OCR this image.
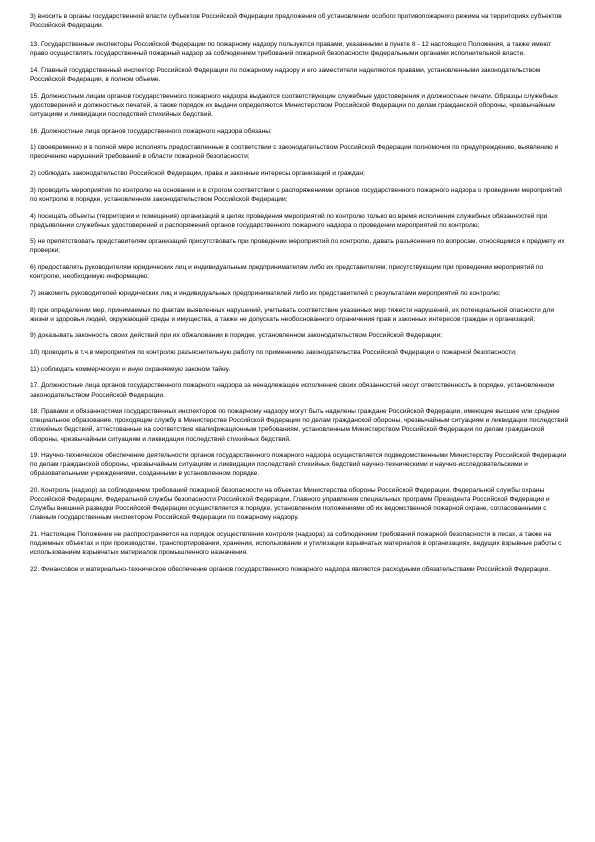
3) вносить в органы государственной власти субъектов Российской Федерации предложения об установлении особого противопожарного режима на территориях субъектов Российской Федерации.

13. Государственные инспекторы Российской Федерации по пожарному надзору пользуются правами, указанными в пункте 8 - 12 настоящего Положения, а также имеют право осуществлять государственный пожарный надзор за соблюдением требований пожарной безопасности федеральными органами исполнительной власти.

14. Главный государственный инспектор Российской Федерации по пожарному надзору и его заместители наделяются правами, установленными законодательством Российской Федерации, в полном объеме.

15. Должностным лицам органов государственного пожарного надзора выдаются соответствующие служебные удостоверения и должностные печати. Образцы служебных удостоверений и должностных печатей, а также порядок их выдачи определяются Министерством Российской Федерации по делам гражданской обороны, чрезвычайным ситуациям и ликвидации последствий стихийных бедствий.

16. Должностные лица органов государственного пожарного надзора обязаны:

1) своевременно и в полной мере исполнять предоставленные в соответствии с законодательством Российской Федерации полномочия по предупреждению, выявлению и пресечению нарушений требований в области пожарной безопасности;

2) соблюдать законодательство Российской Федерации, права и законные интересы организаций и граждан;

3) проводить мероприятия по контролю на основании и в строгом соответствии с распоряжениями органов государственного пожарного надзора о проведении мероприятий по контролю в порядке, установленном законодательством Российской Федерации;

4) посещать объекты (территории и помещения) организаций в целях проведения мероприятий по контролю только во время исполнения служебных обязанностей при предъявлении служебных удостоверений и распоряжений органов государственного пожарного надзора о проведении мероприятий по контролю;

5) не препятствовать представителям организаций присутствовать при проведении мероприятий по контролю, давать разъяснения по вопросам, относящимся к предмету их проверки;

6) предоставлять руководителям юридических лиц и индивидуальным предпринимателям либо их представителям, присутствующим при проведении мероприятий по контролю, необходимую информацию;

7) знакомить руководителей юридических лиц и индивидуальных предпринимателей либо их представителей с результатами мероприятий по контролю;

8) при определении мер, принимаемых по фактам выявленных нарушений, учитывать соответствие указанных мер тяжести нарушений, их потенциальной опасности для жизни и здоровья людей, окружающей среды и имущества, а также не допускать необоснованного ограничения прав и законных интересов граждан и организаций;

9) доказывать законность своих действий при их обжаловании в порядке, установленном законодательством Российской Федерации;

10) проводить в т.ч.в мероприятия по контролю разъяснительную работу по применению законодательства Российской Федерации о пожарной безопасности;

11) соблюдать коммерческую и иную охраняемую законом тайну.

17. Должностные лица органов государственного пожарного надзора за ненадлежащее исполнение своих обязанностей несут ответственность в порядке, установленном законодательством Российской Федерации.

18. Правами и обязанностями государственных инспекторов по пожарному надзору могут быть наделены граждане Российской Федерации, имеющие высшее или среднее специальное образование, проходящие службу в Министерстве Российской Федерации по делам гражданской обороны, чрезвычайным ситуациям и ликвидации последствий стихийных бедствий, аттестованные на соответствие квалификационным требованиям, установленным Министерством Российской Федерации по делам гражданской обороны, чрезвычайным ситуациям и ликвидации последствий стихийных бедствий.

19. Научно-техническое обеспечение деятельности органов государственного пожарного надзора осуществляется подведомственными Министерству Российской Федерации по делам гражданской обороны, чрезвычайным ситуациям и ликвидации последствий стихийных бедствий научно-техническими и научно-исследовательскими и образовательными учреждениями, созданными в установленном порядке.

20. Контроль (надзор) за соблюдением требований пожарной безопасности на объектах Министерства обороны Российской Федерации, Федеральной службы охраны Российской Федерации, Федеральной службы безопасности Российской Федерации, Главного управления специальных программ Президента Российской Федерации и Службы внешней разведки Российской Федерации осуществляется в порядке, установленном положениями об их ведомственной пожарной охране, согласованными с главным государственным инспектором Российской Федерации по пожарному надзору.

21. Настоящее Положение не распространяется на порядок осуществления контроля (надзора) за соблюдением требований пожарной безопасности в лесах, а также на подземных объектах и при производстве, транспортировании, хранении, использовании и утилизации взрывчатых материалов в организациях, ведущих взрывные работы с использованием взрывчатых материалов промышленного назначения.

22. Финансовое и материально-техническое обеспечение органов государственного пожарного надзора являются расходными обязательствами Российской Федерации.
